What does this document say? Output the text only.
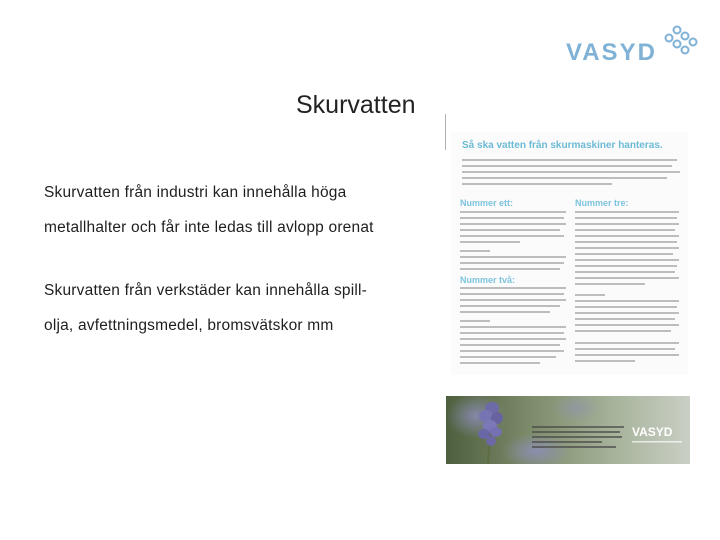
VASYD
Skurvatten

Skurvatten från industri kan innehålla höga

metallhalter och får inte ledas till avlopp orenat

Skurvatten från verkstäder kan innehålla spill-

olja, avfettningsmedel, bromsvätskor mm

Så ska vatten från skurmaskiner hanteras.

Nummer ett:

Nummer två:

Nummer tre:

VASYD
